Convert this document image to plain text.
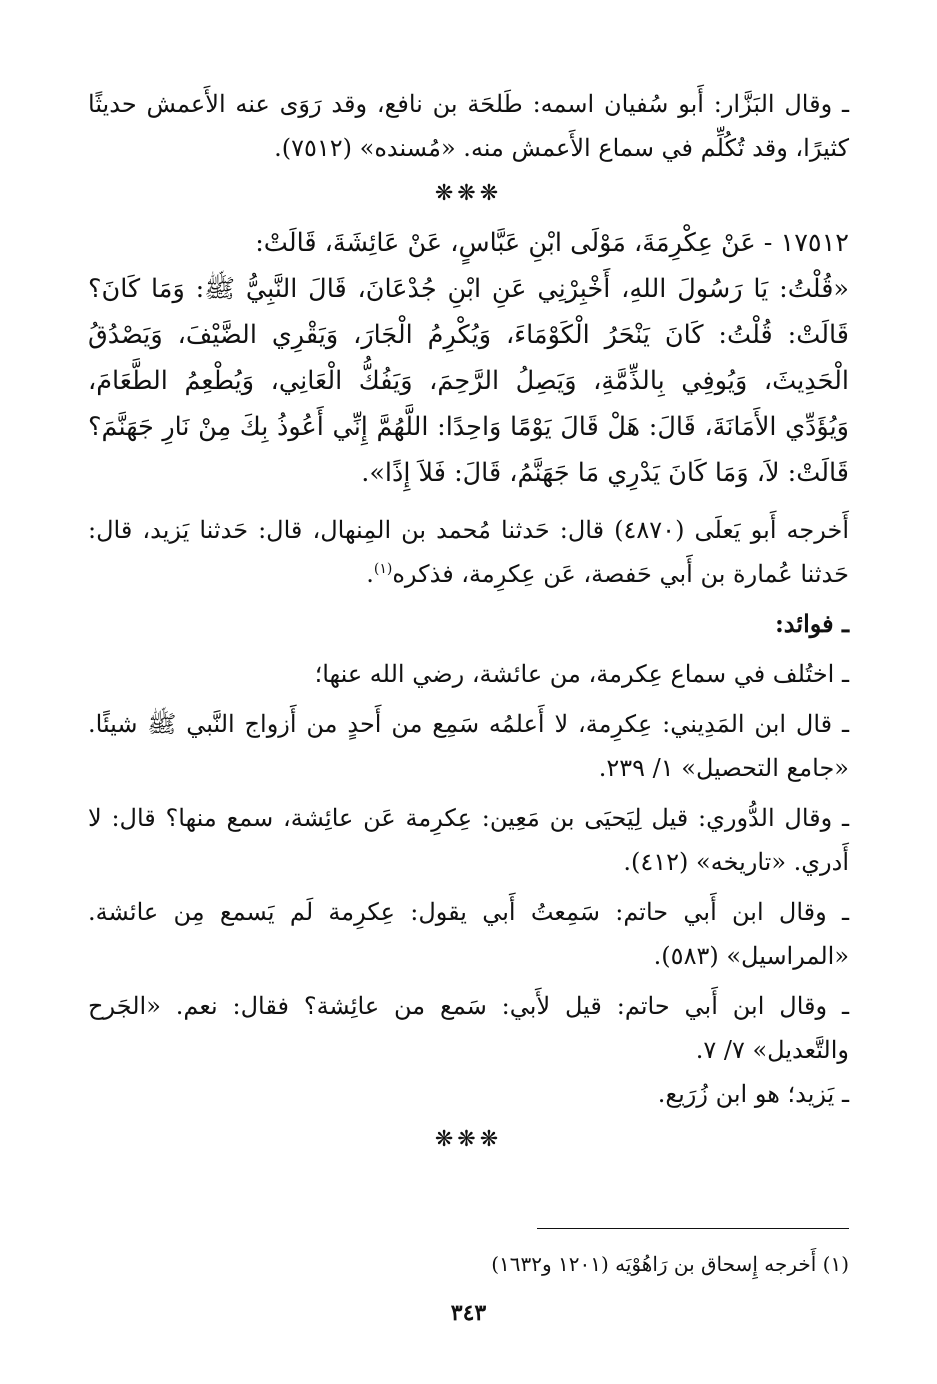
ـ وقال البَزَّار: أَبو سُفيان اسمه: طَلحَة بن نافع، وقد رَوَى عنه الأَعمش حديثًا كثيرًا، وقد تُكُلِّم في سماع الأَعمش منه. «مُسنده» (٧٥١٢).

❋❋❋

١٧٥١٢ - عَنْ عِكْرِمَةَ، مَوْلَى ابْنِ عَبَّاسٍ، عَنْ عَائِشَةَ، قَالَتْ:

«قُلْتُ: يَا رَسُولَ اللهِ، أَخْبِرْنِي عَنِ ابْنِ جُدْعَانَ، قَالَ النَّبِيُّ ﷺ: وَمَا كَانَ؟ قَالَتْ: قُلْتُ: كَانَ يَنْحَرُ الْكَوْمَاءَ، وَيُكْرِمُ الْجَارَ، وَيَقْرِي الضَّيْفَ، وَيَصْدُقُ الْحَدِيثَ، وَيُوفِي بِالذِّمَّةِ، وَيَصِلُ الرَّحِمَ، وَيَفُكُّ الْعَانِي، وَيُطْعِمُ الطَّعَامَ، وَيُؤَدِّي الأَمَانَةَ، قَالَ: هَلْ قَالَ يَوْمًا وَاحِدًا: اللَّهُمَّ إِنِّي أَعُوذُ بِكَ مِنْ نَارِ جَهَنَّمَ؟ قَالَتْ: لاَ، وَمَا كَانَ يَدْرِي مَا جَهَنَّمُ، قَالَ: فَلاَ إِذًا».

أَخرجه أَبو يَعلَى (٤٨٧٠) قال: حَدثنا مُحمد بن المِنهال، قال: حَدثنا يَزيد، قال: حَدثنا عُمارة بن أَبي حَفصة، عَن عِكرِمة، فذكره$^{(١)}$.

ـ فوائد:

ـ اختُلف في سماع عِكرمة، من عائشة، رضي الله عنها؛

ـ قال ابن المَدِيني: عِكرِمة، لا أَعلمُه سَمِع من أَحدٍ من أَزواج النَّبي ﷺ شيئًا. «جامع التحصيل» ١/ ٢٣٩.

ـ وقال الدُّوري: قيل لِيَحيَى بن مَعِين: عِكرِمة عَن عائِشة، سمع منها؟ قال: لا أَدري. «تاريخه» (٤١٢).

ـ وقال ابن أَبي حاتم: سَمِعتُ أَبي يقول: عِكرِمة لَم يَسمع مِن عائشة. «المراسيل» (٥٨٣).

ـ وقال ابن أَبي حاتم: قيل لأَبي: سَمع من عائِشة؟ فقال: نعم. «الجَرح والتَّعديل» ٧/ ٧.

ـ يَزيد؛ هو ابن زُرَيع.

❋❋❋

(١) أَخرجه إِسحاق بن رَاهُوْيَه (١٢٠١ و١٦٣٢)

٣٤٣
